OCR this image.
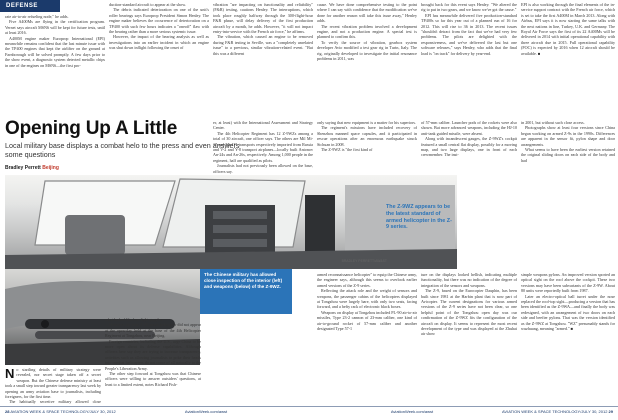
DEFENSE

rate air-to-air refueling node," he adds.

Five A400Ms are flying in the certification program. Vernet says aircraft MSN6 will be kept for future tests, until at least 2016.

A400M engine maker Europrop International (EPI) meanwhile remains confident that the last minute issue with the TP400 engines that kept the airlifter on the ground at Farnborough will be solved promptly. A few days prior to the show event, a diagnostic system detected metallic chips in one of the engines on MSN6—the first pro-

duction-standard aircraft to appear at the show.

The debris indicated deterioration on one of the unit's roller bearings says Europrop President Simon Henley. The engine maker believes the occurrence of deterioration on a TP400 with such few hours indicates a "oneoff" flaw with the bearing rather than a more serious systemic issue.

However, the impact of the bearing analysis as well as investigations into an earlier incident in which an engine was shut down inflight following the onset of

vibration "are impacting on functionality and reliability" (F&R) testing, cautions Henley. The interruptions, which took place roughly halfway through the 300-flight-hour F&R phase, will delay delivery of the first production aircraft by a month, he adds. However, "it will not impact entry-into-service with the French air force," he affirms.

The vibration, which caused an engine to be removed during F&R testing in Seville, was a "completely unrelated issue" to a previous, similar vibration-related event. "But this was a different

cause. We have done comprehensive testing to the point where I can say with confidence that the modification we've done for another reason will take this issue away," Henley adds.

The recent vibration problem involved a development engine, and not a production engine. A special test is planned to confirm this.

To verify the source of vibration, gearbox system developer Avio modified a test gear rig in Turin, Italy. The rig, originally developed to investigate the initial resonance problems in 2011, was

brought back for this event says Henley. "We altered the rig to put in two gears, and we know we've got the cause."

EPI has meanwhile delivered five production-standard TP400s so far this year out of a planned run of 16 for 2012. This will rise to 36 in 2013. The recent issues "shouldn't detract from the fact that we've had very few problems. The pilots are delighted with the responsiveness, and we've delivered the last but one software releases," says Henley, who adds that the final load is "on track" for delivery by year-end.

EPI is also working through the final elements of the in-service support contract with the French air force, which is set to take the first A400M in March 2013. Along with Airbus, EPI says it is now starting the same talks with the next nations in line, Turkey, U.K. and Germany. The Royal Air Force says the first of its 22 A400Ms will be delivered in 2014 with initial operational capability with three aircraft due in 2015. Full operational capability (FOC) is expected by 2016 when 12 aircraft should be available. ■

Opening Up A Little
Local military base displays a combat helo to the press and even answers some questions
Bradley Perrett Beijing

er, at least) with the International Assessment and Strategy Center.

The 4th Helicopter Regiment has 12 Z-9WZs among a total of 30 aircraft, one officer says. The others are Mil Mi-17 and Mi-171 transports respectively imported from Russia and V-2 and Y-8 transport airplanes—locally built Antonov An-24s and An-26s, respectively. Among 1,000 people in the regiment, half are qualified as pilots.

Journalists had not previously been allowed on the base, officers say.

only saying that new equipment is a matter for his superiors.

The regiment's missions have included recovery of Shenzhou manned space capsules, and it participated in rescue operations after an enormous earthquake struck Sichuan in 2008.

The Z-9WZ is "the first kind of

of 57-mm caliber. Launcher pods of the rockets were also shown. But more advanced weapons, including the HJ-10 anti-tank guided missile, were absent.

Along with incandescent gauges, the Z-9WZ's cockpit featured a small central flat display, possibly for a moving map, and two large displays, one in front of each crewmember. The inst-

in 2001, but without such close access.

Photographs show at least four versions since China began working on armed Z-9s in the 1990s. Differences are apparent in the sensor fit, pylon shape and door arrangements.

What seems to have been the earliest version retained the original sliding doors on each side of the body and had

BRADLEY PERRETT/AW&ST
The Z-9WZ appears to be the latest standard of armed helicopter in the Z-9 series.
The Chinese military has allowed close inspection of the interior (left) and weapons (below) of the Z-9WZ.

No startling details of military strategy were revealed, nor secret stage taken off a secret weapon. But the Chinese defense ministry at least took a small step toward greater transparency last week by opening an army aviation base to journalists, including foreigners, for the first time.

The habitually secretive military allowed close

what looked like low-light goggles.

However, the new Z-10 attack helicopter did not appear at the open-day held at the base of the 4th Helicopter Regiment at Tongzhou, near Beijing.

Foreign countries, including the U.S., urge China to be more open about its defense capabilities. Although officers here say they are trying to increase transparency, activities such as allowing journalists to poke their heads into combat helicopters do not come of all naturally to the People's Liberation Army.

The other step forward at Tongzhou was that Chinese officers were willing to answer outsiders' questions, at least to a limited extent, notes Richard Fish-

armed reconnaissance helicopter" to equip the Chinese army, the engineer says, although this seems to overlook earlier armed versions of the Z-9 series.

Reflecting the attack role and the weight of sensors and weapons, the passenger cabins of the helicopters displayed at Tongzhou were largely bare, with only two seats, facing forward, and a hefty rack of electronic black boxes.

Weapons on display at Tongzhou included PL-90 air-to-air missiles, Type 23-2 cannon of 23-mm caliber, one kind of air-to-ground rocket of 57-mm caliber and another designated Type 57-1

ture on the displays looked hellish, indicating multiple functionality, but there was no indication of the degree of integration of the sensors and weapons.

The Z-9, based on the Eurocopter Dauphin, has been built since 1981 at the Harbin plant that is now part of Avicopter. The current designations for various armed versions of the Z-9 series have not been clear, so one helpful point of the Tongzhou open day was our confirmation of the Z-9WZ fits the configuration of the aircraft on display. It seems to represent the most recent development of the type and was displayed at the Zhuhai air show

simple weapons pylons. An improved version sported an optical sight on the roof above the cockpit. These two versions may have been subvariants of the Z-9W. About 80 units were reportedly built from 1987.

Later an electro-optical ball turret under the nose replaced the roof-top sight—producing a version that has been identified as the Z-9WA—and finally the body was redesigned, with an arrangement of two doors on each side and beefier pylons. That was the version identified as the Z-9WZ at Tongzhou. "WZ" presumably stands for wuzhuang, meaning "armed." ■

28 AVIATION WEEK & SPACE TECHNOLOGY/JULY 30, 2012	AviationWeek.com/awst	AviationWeek.com/awst	AVIATION WEEK & SPACE TECHNOLOGY/JULY 30, 2012 29
